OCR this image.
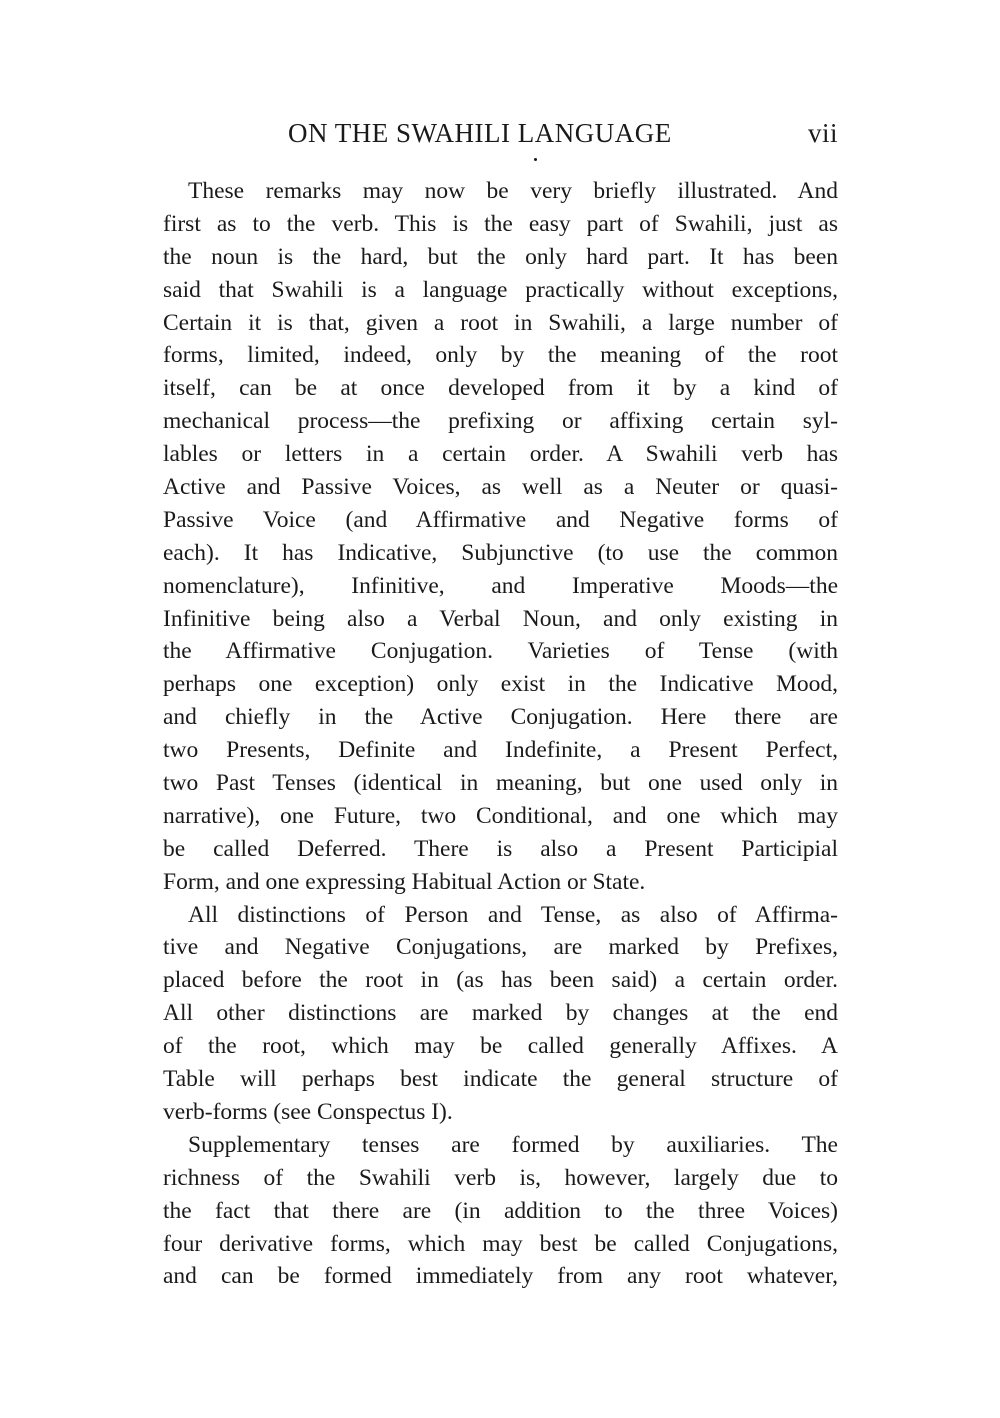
ON THE SWAHILI LANGUAGE	vii

These remarks may now be very briefly illustrated. And
first as to the verb. This is the easy part of Swahili, just as
the noun is the hard, but the only hard part. It has been
said that Swahili is a language practically without exceptions,
Certain it is that, given a root in Swahili, a large number of
forms, limited, indeed, only by the meaning of the root
itself, can be at once developed from it by a kind of
mechanical process—the prefixing or affixing certain syl-
lables or letters in a certain order. A Swahili verb has
Active and Passive Voices, as well as a Neuter or quasi-
Passive Voice (and Affirmative and Negative forms of
each). It has Indicative, Subjunctive (to use the common
nomenclature), Infinitive, and Imperative Moods—the
Infinitive being also a Verbal Noun, and only existing in
the Affirmative Conjugation. Varieties of Tense (with
perhaps one exception) only exist in the Indicative Mood,
and chiefly in the Active Conjugation. Here there are
two Presents, Definite and Indefinite, a Present Perfect,
two Past Tenses (identical in meaning, but one used only in
narrative), one Future, two Conditional, and one which may
be called Deferred. There is also a Present Participial
Form, and one expressing Habitual Action or State.

All distinctions of Person and Tense, as also of Affirma-
tive and Negative Conjugations, are marked by Prefixes,
placed before the root in (as has been said) a certain order.
All other distinctions are marked by changes at the end
of the root, which may be called generally Affixes. A
Table will perhaps best indicate the general structure of
verb-forms (see Conspectus I).

Supplementary tenses are formed by auxiliaries. The
richness of the Swahili verb is, however, largely due to
the fact that there are (in addition to the three Voices)
four derivative forms, which may best be called Conjugations,
and can be formed immediately from any root whatever,
